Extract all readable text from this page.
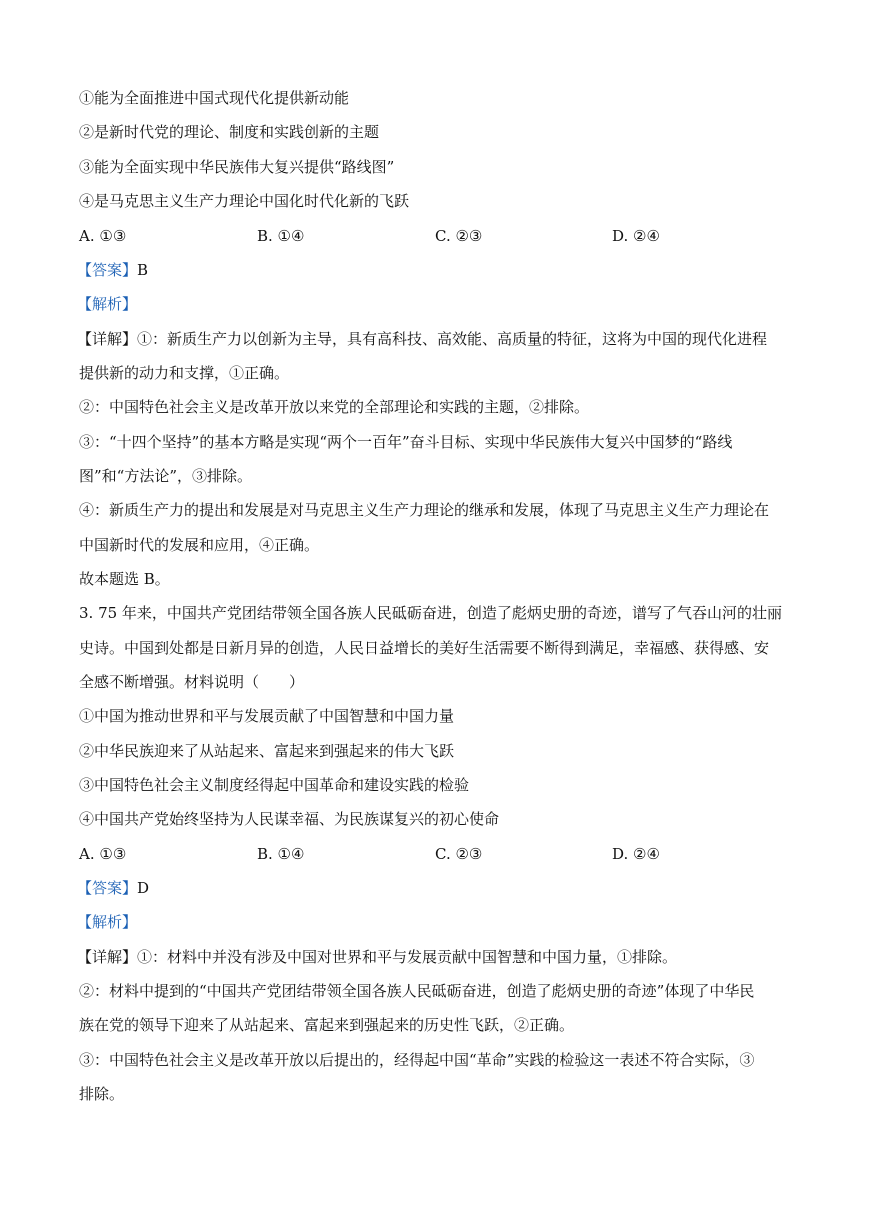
①能为全面推进中国式现代化提供新动能
②是新时代党的理论、制度和实践创新的主题
③能为全面实现中华民族伟大复兴提供“路线图”
④是马克思主义生产力理论中国化时代化新的飞跃
A. ①③	B. ①④	C. ②③	D. ②④
【答案】B
【解析】
【详解】①：新质生产力以创新为主导，具有高科技、高效能、高质量的特征，这将为中国的现代化进程
提供新的动力和支撑，①正确。
②：中国特色社会主义是改革开放以来党的全部理论和实践的主题，②排除。
③：“十四个坚持”的基本方略是实现“两个一百年”奋斗目标、实现中华民族伟大复兴中国梦的“路线
图”和“方法论”，③排除。
④：新质生产力的提出和发展是对马克思主义生产力理论的继承和发展，体现了马克思主义生产力理论在
中国新时代的发展和应用，④正确。
故本题选 B。
3. 75 年来，中国共产党团结带领全国各族人民砥砺奋进，创造了彪炳史册的奇迹，谱写了气吞山河的壮丽
史诗。中国到处都是日新月异的创造，人民日益增长的美好生活需要不断得到满足，幸福感、获得感、安
全感不断增强。材料说明（　　）
①中国为推动世界和平与发展贡献了中国智慧和中国力量
②中华民族迎来了从站起来、富起来到强起来的伟大飞跃
③中国特色社会主义制度经得起中国革命和建设实践的检验
④中国共产党始终坚持为人民谋幸福、为民族谋复兴的初心使命
A. ①③	B. ①④	C. ②③	D. ②④
【答案】D
【解析】
【详解】①：材料中并没有涉及中国对世界和平与发展贡献中国智慧和中国力量，①排除。
②：材料中提到的“中国共产党团结带领全国各族人民砥砺奋进，创造了彪炳史册的奇迹”体现了中华民
族在党的领导下迎来了从站起来、富起来到强起来的历史性飞跃，②正确。
③：中国特色社会主义是改革开放以后提出的，经得起中国“革命”实践的检验这一表述不符合实际，③
排除。
